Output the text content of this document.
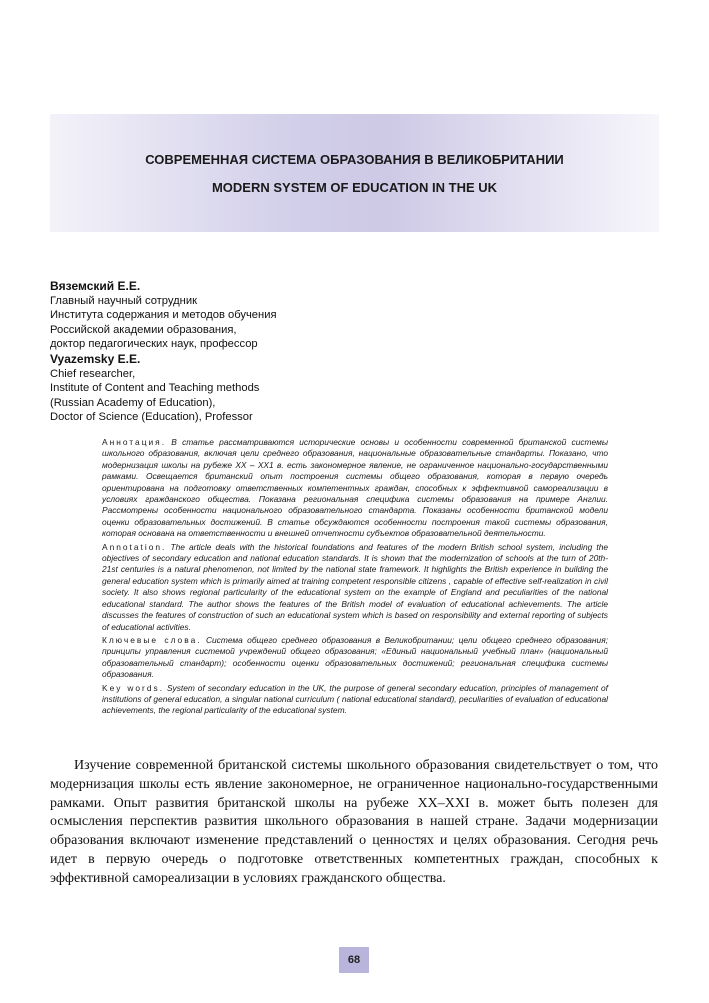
СОВРЕМЕННАЯ СИСТЕМА ОБРАЗОВАНИЯ В ВЕЛИКОБРИТАНИИ
MODERN SYSTEM OF EDUCATION IN THE UK
Вяземский Е.Е.
Главный научный сотрудник
Института содержания и методов обучения
Российской академии образования,
доктор педагогических наук, профессор
Vyazemsky E.E.
Chief researcher,
Institute of Content and Teaching methods
(Russian Academy of Education),
Doctor of Science (Education), Professor

Аннотация. В статье рассматриваются исторические основы и особенности современной британской системы школьного образования, включая цели среднего образования, национальные образовательные стандарты. Показано, что модернизация школы на рубеже XX – XX1 в. есть закономерное явление, не ограниченное национально-государственными рамками. Освещается британский опыт построения системы общего образования, которая в первую очередь ориентирована на подготовку ответственных компетентных граждан, способных к эффективной самореализации в условиях гражданского общества. Показана региональная специфика системы образования на примере Англии. Рассмотрены особенности национального образовательного стандарта. Показаны особенности британской модели оценки образовательных достижений. В статье обсуждаются особенности построения такой системы образования, которая основана на ответственности и внешней отчетности субъектов образовательной деятельности.

Annotation. The article deals with the historical foundations and features of the modern British school system, including the objectives of secondary education and national education standards. It is shown that the modernization of schools at the turn of 20th-21st centuries is a natural phenomenon, not limited by the national state framework. It highlights the British experience in building the general education system which is primarily aimed at training competent responsible citizens , capable of effective self-realization in civil society. It also shows regional particularity of the educational system on the example of England and peculiarities of the national educational standard. The author shows the features of the British model of evaluation of educational achievements. The article discusses the features of construction of such an educational system which is based on responsibility and external reporting of subjects of educational activities.

Ключевые слова. Система общего среднего образования в Великобритании; цели общего среднего образования; принципы управления системой учреждений общего образования; «Единый национальный учебный план» (национальный образовательный стандарт); особенности оценки образовательных достижений; региональная специфика системы образования.

Key words. System of secondary education in the UK, the purpose of general secondary education, principles of management of institutions of general education, a singular national curriculum ( national educational standard), peculiarities of evaluation of educational achievements, the regional particularity of the educational system.

Изучение современной британской системы школьного образования свидетельствует о том, что модернизация школы есть явление закономерное, не ограниченное национально-государственными рамками. Опыт развития британской школы на рубеже XX–XXI в. может быть полезен для осмысления перспектив развития школьного образования в нашей стране. Задачи модернизации образования включают изменение представлений о ценностях и целях образования. Сегодня речь идет в первую очередь о подготовке ответственных компетентных граждан, способных к эффективной самореализации в условиях гражданского общества.

68
